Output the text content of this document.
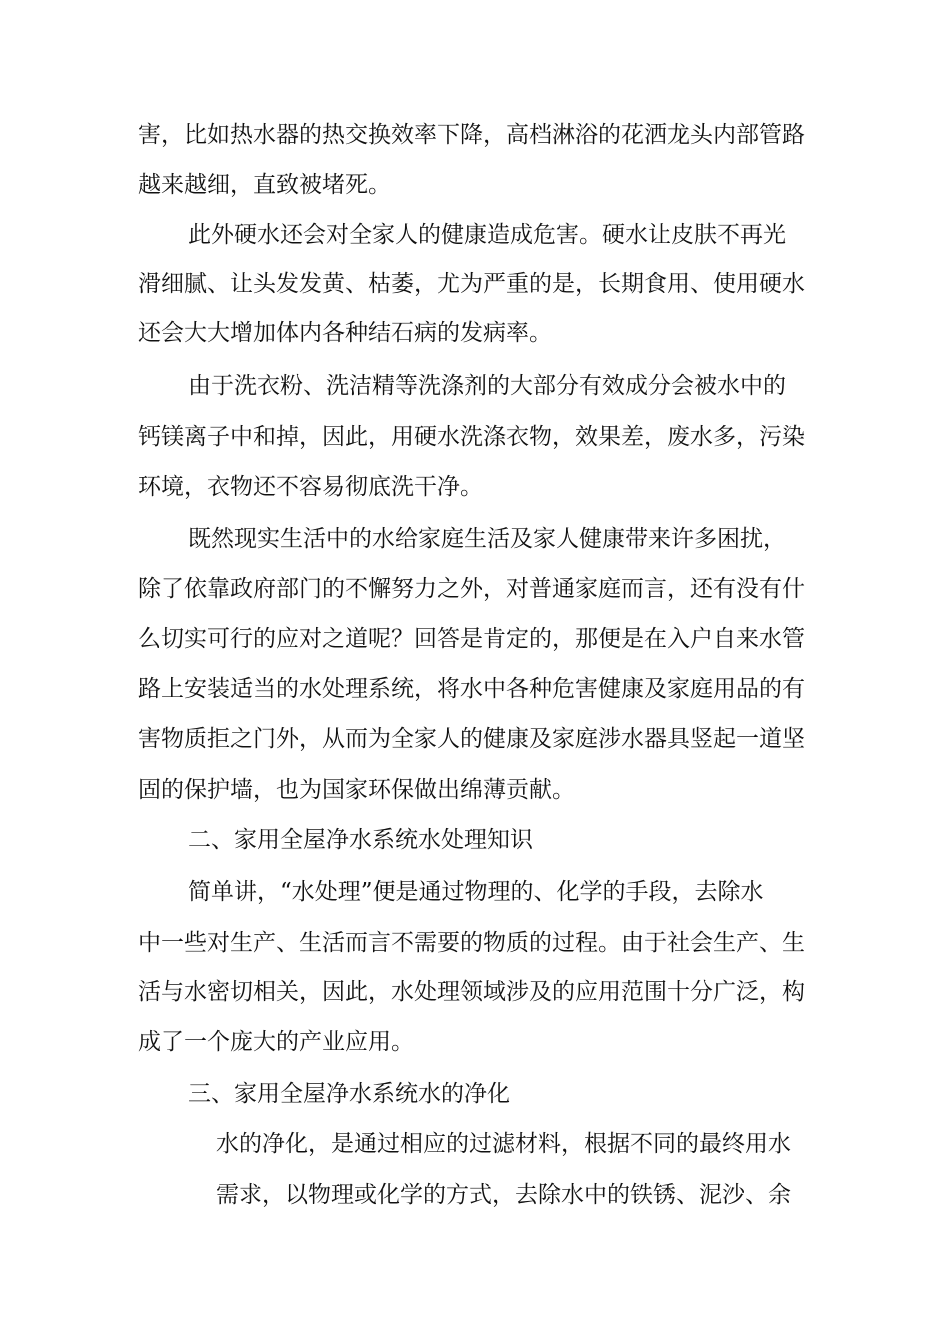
害，比如热水器的热交换效率下降，高档淋浴的花洒龙头内部管路

越来越细，直致被堵死。

此外硬水还会对全家人的健康造成危害。硬水让皮肤不再光

滑细腻、让头发发黄、枯萎，尤为严重的是，长期食用、使用硬水

还会大大增加体内各种结石病的发病率。

由于洗衣粉、洗洁精等洗涤剂的大部分有效成分会被水中的

钙镁离子中和掉，因此，用硬水洗涤衣物，效果差，废水多，污染

环境，衣物还不容易彻底洗干净。

既然现实生活中的水给家庭生活及家人健康带来许多困扰，

除了依靠政府部门的不懈努力之外，对普通家庭而言，还有没有什

么切实可行的应对之道呢？回答是肯定的，那便是在入户自来水管

路上安装适当的水处理系统，将水中各种危害健康及家庭用品的有

害物质拒之门外，从而为全家人的健康及家庭涉水器具竖起一道坚

固的保护墙，也为国家环保做出绵薄贡献。

二、家用全屋净水系统水处理知识

简单讲，“水处理”便是通过物理的、化学的手段，去除水

中一些对生产、生活而言不需要的物质的过程。由于社会生产、生

活与水密切相关，因此，水处理领域涉及的应用范围十分广泛，构

成了一个庞大的产业应用。

三、家用全屋净水系统水的净化

水的净化，是通过相应的过滤材料，根据不同的最终用水

需求，以物理或化学的方式，去除水中的铁锈、泥沙、余
